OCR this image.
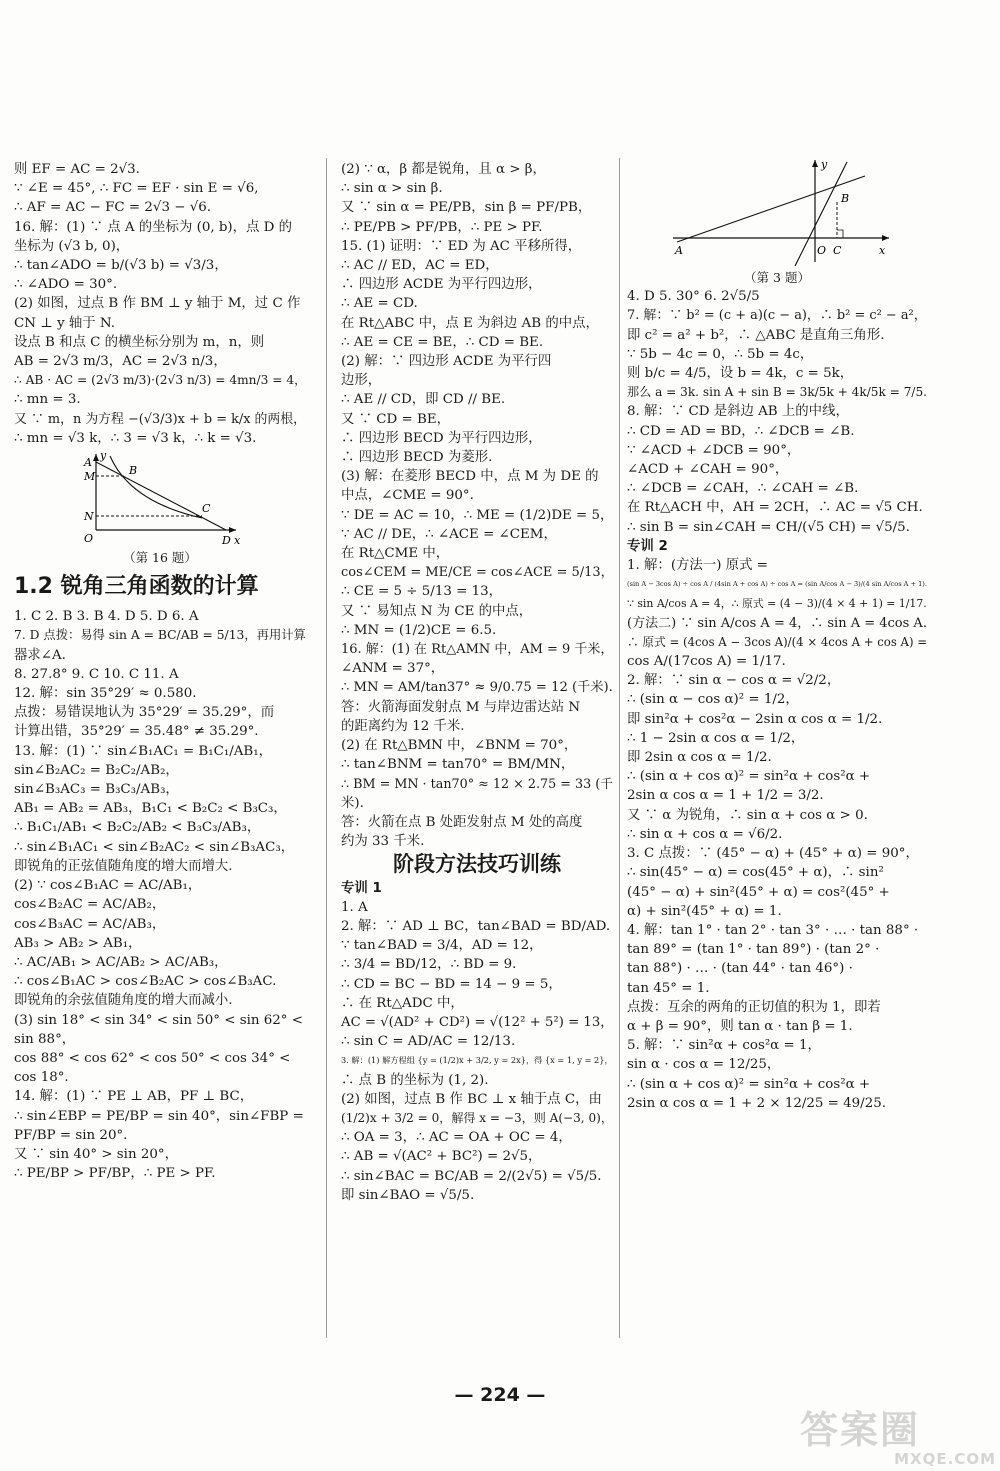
则 EF = AC = 2√3.
∵ ∠E = 45°, ∴ FC = EF · sin E = √6,
∴ AF = AC − FC = 2√3 − √6.
16. 解：(1) ∵ 点 A 的坐标为 (0, b)，点 D 的
坐标为 (√3 b, 0)，
∴ tan∠ADO = b/(√3 b) = √3/3，
∴ ∠ADO = 30°.
(2) 如图，过点 B 作 BM ⊥ y 轴于 M，过 C 作
CN ⊥ y 轴于 N.
设点 B 和点 C 的横坐标分别为 m，n，则
AB = 2√3 m/3，AC = 2√3 n/3，
∴ AB · AC = (2√3 m/3)·(2√3 n/3) = 4mn/3 = 4，
∴ mn = 3.
又 ∵ m，n 为方程 −(√3/3)x + b = k/x 的两根，
∴ mn = √3 k，∴ 3 = √3 k，∴ k = √3.
y
A
M	B
N
C
O	D x
（第 16 题）
1.2 锐角三角函数的计算
1. C 2. B 3. B 4. D 5. D 6. A
7. D 点拨：易得 sin A = BC/AB = 5/13，再用计算
器求∠A.
8. 27.8° 9. C 10. C 11. A
12. 解：sin 35°29′ ≈ 0.580.
点拨：易错误地认为 35°29′ = 35.29°，而
计算出错，35°29′ = 35.48° ≠ 35.29°.
13. 解：(1) ∵ sin∠B₁AC₁ = B₁C₁/AB₁，
sin∠B₂AC₂ = B₂C₂/AB₂，
sin∠B₃AC₃ = B₃C₃/AB₃，
AB₁ = AB₂ = AB₃，B₁C₁ < B₂C₂ < B₃C₃，
∴ B₁C₁/AB₁ < B₂C₂/AB₂ < B₃C₃/AB₃，
∴ sin∠B₁AC₁ < sin∠B₂AC₂ < sin∠B₃AC₃，
即锐角的正弦值随角度的增大而增大.
(2) ∵ cos∠B₁AC = AC/AB₁，
cos∠B₂AC = AC/AB₂，
cos∠B₃AC = AC/AB₃，
AB₃ > AB₂ > AB₁，
∴ AC/AB₁ > AC/AB₂ > AC/AB₃，
∴ cos∠B₁AC > cos∠B₂AC > cos∠B₃AC.
即锐角的余弦值随角度的增大而减小.
(3) sin 18° < sin 34° < sin 50° < sin 62° <
sin 88°，
cos 88° < cos 62° < cos 50° < cos 34° <
cos 18°.
14. 解：(1) ∵ PE ⊥ AB，PF ⊥ BC，
∴ sin∠EBP = PE/BP = sin 40°，sin∠FBP =
PF/BP = sin 20°.
又 ∵ sin 40° > sin 20°，
∴ PE/BP > PF/BP，∴ PE > PF.
(2) ∵ α，β 都是锐角，且 α > β，
∴ sin α > sin β.
又 ∵ sin α = PE/PB，sin β = PF/PB，
∴ PE/PB > PF/PB，∴ PE > PF.
15. (1) 证明：∵ ED 为 AC 平移所得，
∴ AC // ED，AC = ED，
∴ 四边形 ACDE 为平行四边形，
∴ AE = CD.
在 Rt△ABC 中，点 E 为斜边 AB 的中点，
∴ AE = CE = BE，∴ CD = BE.
(2) 解：∵ 四边形 ACDE 为平行四
边形，
∴ AE // CD，即 CD // BE.
又 ∵ CD = BE，
∴ 四边形 BECD 为平行四边形，
∴ 四边形 BECD 为菱形.
(3) 解：在菱形 BECD 中，点 M 为 DE 的
中点，∠CME = 90°.
∵ DE = AC = 10，∴ ME = (1/2)DE = 5，
∵ AC // DE，∴ ∠ACE = ∠CEM，
在 Rt△CME 中，
cos∠CEM = ME/CE = cos∠ACE = 5/13，
∴ CE = 5 ÷ 5/13 = 13，
又 ∵ 易知点 N 为 CE 的中点，
∴ MN = (1/2)CE = 6.5.
16. 解：(1) 在 Rt△AMN 中，AM = 9 千米，
∠ANM = 37°，
∴ MN = AM/tan37° ≈ 9/0.75 = 12 (千米).
答：火箭海面发射点 M 与岸边雷达站 N
的距离约为 12 千米.
(2) 在 Rt△BMN 中，∠BNM = 70°，
∴ tan∠BNM = tan70° = BM/MN，
∴ BM = MN · tan70° ≈ 12 × 2.75 = 33 (千
米).
答：火箭在点 B 处距发射点 M 处的高度
约为 33 千米.
阶段方法技巧训练
专训 1
1. A
2. 解：∵ AD ⊥ BC，tan∠BAD = BD/AD.
∵ tan∠BAD = 3/4，AD = 12，
∴ 3/4 = BD/12，∴ BD = 9.
∴ CD = BC − BD = 14 − 9 = 5，
∴ 在 Rt△ADC 中，
AC = √(AD² + CD²) = √(12² + 5²) = 13，
∴ sin C = AD/AC = 12/13.
3. 解：(1) 解方程组 {y = (1/2)x + 3/2, y = 2x}，得 {x = 1, y = 2}，
∴ 点 B 的坐标为 (1, 2).
(2) 如图，过点 B 作 BC ⊥ x 轴于点 C，由
(1/2)x + 3/2 = 0，解得 x = −3，则 A(−3, 0)，
∴ OA = 3，∴ AC = OA + OC = 4，
∴ AB = √(AC² + BC²) = 2√5，
∴ sin∠BAC = BC/AB = 2/(2√5) = √5/5.
即 sin∠BAO = √5/5.
y
B
A	O C	x
（第 3 题）
4. D 5. 30° 6. 2√5/5
7. 解：∵ b² = (c + a)(c − a)，∴ b² = c² − a²，
即 c² = a² + b²，∴ △ABC 是直角三角形.
∵ 5b − 4c = 0，∴ 5b = 4c，
则 b/c = 4/5，设 b = 4k，c = 5k，
那么 a = 3k. sin A + sin B = 3k/5k + 4k/5k = 7/5.
8. 解：∵ CD 是斜边 AB 上的中线，
∴ CD = AD = BD，∴ ∠DCB = ∠B.
∵ ∠ACD + ∠DCB = 90°，
∠ACD + ∠CAH = 90°，
∴ ∠DCB = ∠CAH，∴ ∠CAH = ∠B.
在 Rt△ACH 中，AH = 2CH，∴ AC = √5 CH.
∴ sin B = sin∠CAH = CH/(√5 CH) = √5/5.
专训 2
1. 解：(方法一) 原式 =
(sin A − 3cos A) ÷ cos A / (4sin A + cos A) ÷ cos A = (sin A/cos A − 3)/(4 sin A/cos A + 1).
∵ sin A/cos A = 4，∴ 原式 = (4 − 3)/(4 × 4 + 1) = 1/17.
(方法二) ∵ sin A/cos A = 4，∴ sin A = 4cos A.
∴ 原式 = (4cos A − 3cos A)/(4 × 4cos A + cos A) =
cos A/(17cos A) = 1/17.
2. 解：∵ sin α − cos α = √2/2，
∴ (sin α − cos α)² = 1/2，
即 sin²α + cos²α − 2sin α cos α = 1/2.
∴ 1 − 2sin α cos α = 1/2，
即 2sin α cos α = 1/2.
∴ (sin α + cos α)² = sin²α + cos²α +
2sin α cos α = 1 + 1/2 = 3/2.
又 ∵ α 为锐角，∴ sin α + cos α > 0.
∴ sin α + cos α = √6/2.
3. C 点拨：∵ (45° − α) + (45° + α) = 90°，
∴ sin(45° − α) = cos(45° + α)，∴ sin²
(45° − α) + sin²(45° + α) = cos²(45° +
α) + sin²(45° + α) = 1.
4. 解：tan 1° · tan 2° · tan 3° · … · tan 88° ·
tan 89° = (tan 1° · tan 89°) · (tan 2° ·
tan 88°) · … · (tan 44° · tan 46°) ·
tan 45° = 1.
点拨：互余的两角的正切值的积为 1，即若
α + β = 90°，则 tan α · tan β = 1.
5. 解：∵ sin²α + cos²α = 1，
sin α · cos α = 12/25，
∴ (sin α + cos α)² = sin²α + cos²α +
2sin α cos α = 1 + 2 × 12/25 = 49/25.
— 224 —
答案圈
MXQE.COM
